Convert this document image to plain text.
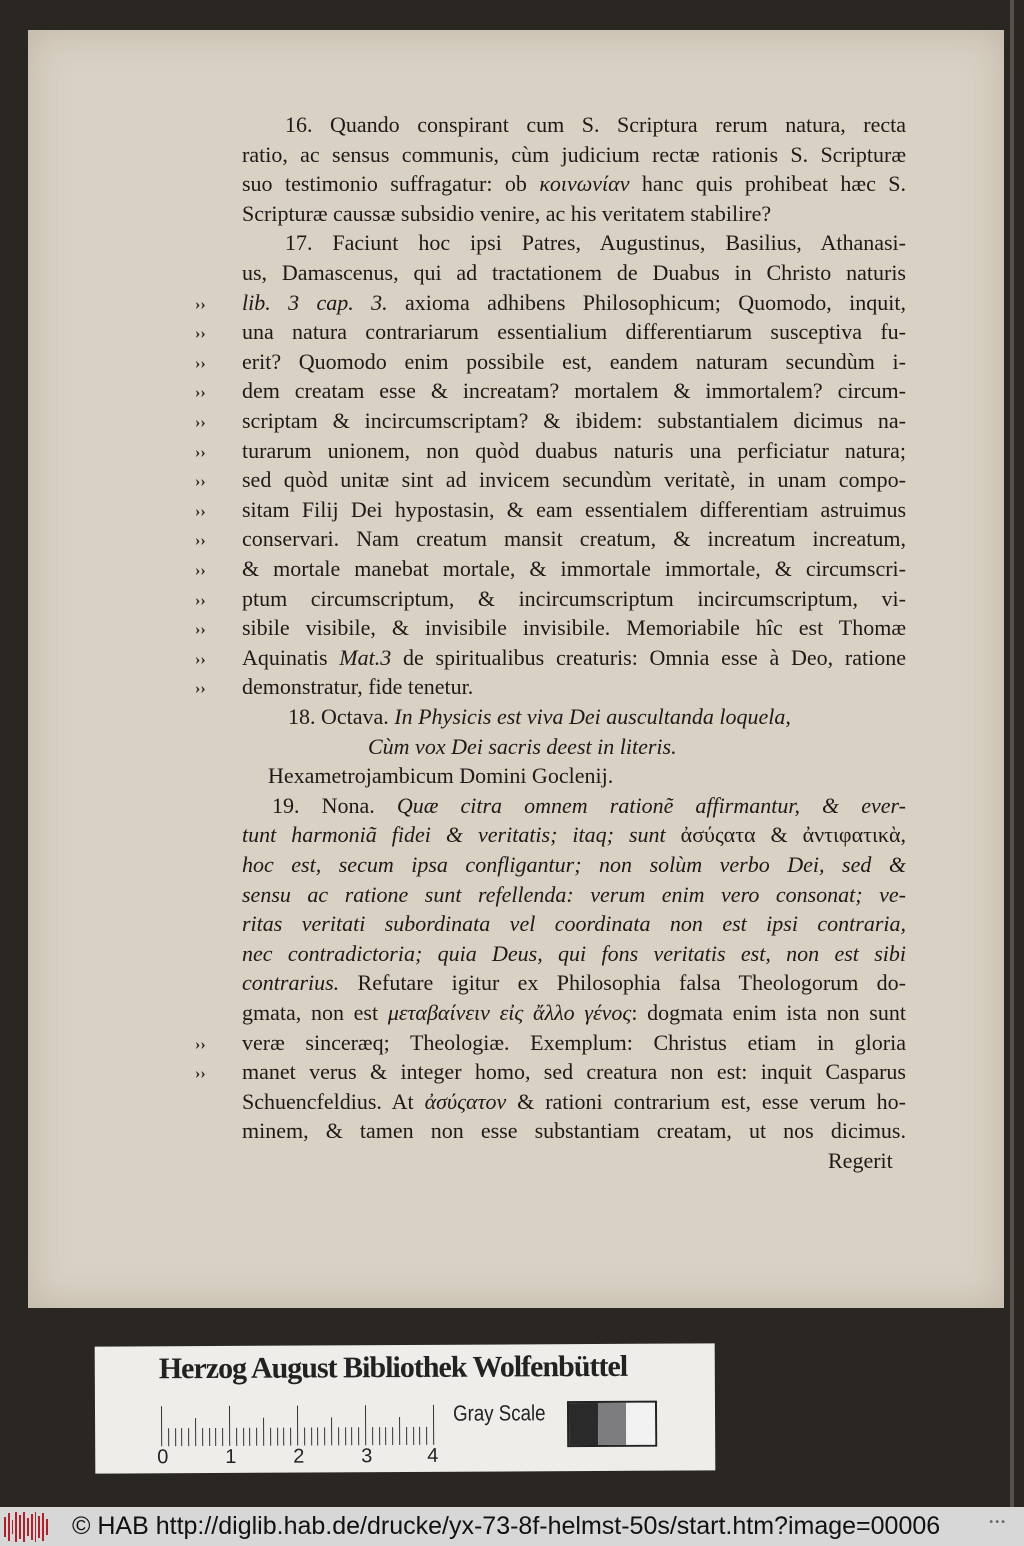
16. Quando conspirant cum S. Scriptura rerum natura, recta
ratio, ac sensus communis, cùm judicium rectæ rationis S. Scripturæ
suo testimonio suffragatur: ob κοινωνίαν hanc quis prohibeat hæc S.
Scripturæ caussæ subsidio venire, ac his veritatem stabilire?
17. Faciunt hoc ipsi Patres, Augustinus, Basilius, Athanasi-
us, Damascenus, qui ad tractationem de Duabus in Christo naturis
lib. 3 cap. 3. axioma adhibens Philosophicum; Quomodo, inquit,
››
una natura contrariarum essentialium differentiarum susceptiva fu-
››
erit? Quomodo enim possibile est, eandem naturam secundùm i-
››
dem creatam esse & increatam? mortalem & immortalem? circum-
››
scriptam & incircumscriptam? & ibidem: substantialem dicimus na-
››
turarum unionem, non quòd duabus naturis una perficiatur natura;
››
sed quòd unitæ sint ad invicem secundùm veritatè, in unam compo-
››
sitam Filij Dei hypostasin, & eam essentialem differentiam astruimus
››
conservari. Nam creatum mansit creatum, & increatum increatum,
››
& mortale manebat mortale, & immortale immortale, & circumscri-
››
ptum circumscriptum, & incircumscriptum incircumscriptum, vi-
››
sibile visibile, & invisibile invisibile. Memoriabile hîc est Thomæ
››
Aquinatis Mat.3 de spiritualibus creaturis: Omnia esse à Deo, ratione
››
demonstratur, fide tenetur.
››
18. Octava. In Physicis est viva Dei auscultanda loquela,
Cùm vox Dei sacris deest in literis.
Hexametrojambicum Domini Goclenij.
19. Nona. Quæ citra omnem rationẽ affirmantur, & ever-
tunt harmoniã fidei & veritatis; itaq; sunt ἀσύςατα & ἀντιφατικὰ,
hoc est, secum ipsa confligantur; non solùm verbo Dei, sed &
sensu ac ratione sunt refellenda: verum enim vero consonat; ve-
ritas veritati subordinata vel coordinata non est ipsi contraria,
nec contradictoria; quia Deus, qui fons veritatis est, non est sibi
contrarius. Refutare igitur ex Philosophia falsa Theologorum do-
gmata, non est μεταβαίνειν εἰς ἄλλο γένος: dogmata enim ista non sunt
veræ sinceræq; Theologiæ. Exemplum: Christus etiam in gloria
››
manet verus & integer homo, sed creatura non est: inquit Casparus
››
Schuencfeldius. At ἀσύςατον & rationi contrarium est, esse verum ho-
minem, & tamen non esse substantiam creatam, ut nos dicimus.
Regerit
Herzog August Bibliothek Wolfenbüttel
0	1	2	3	4
Gray Scale
© HAB http://diglib.hab.de/drucke/yx-73-8f-helmst-50s/start.htm?image=00006	•••
